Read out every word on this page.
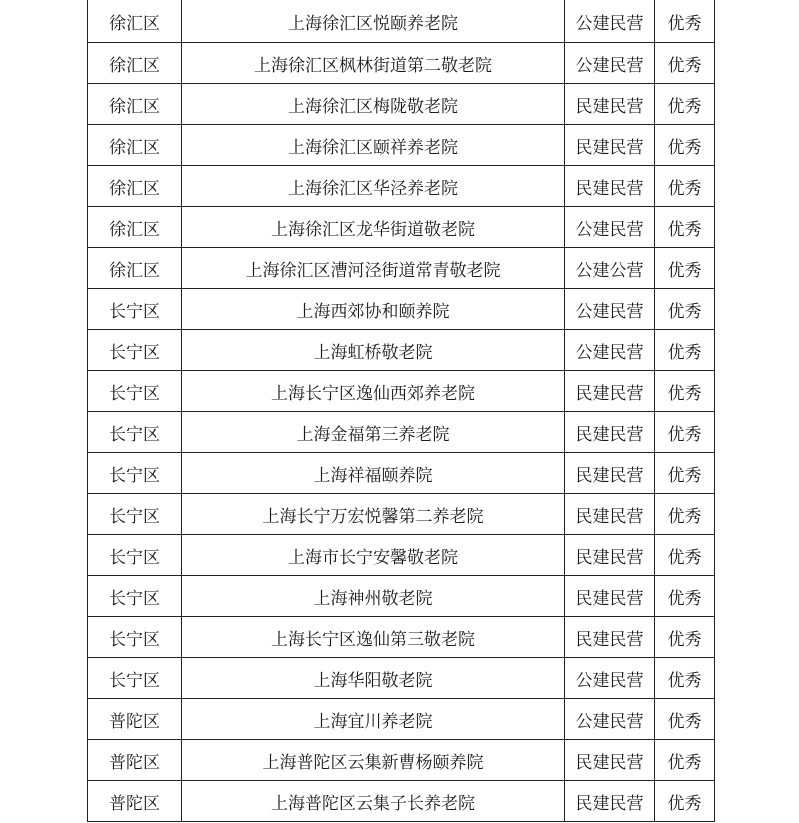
徐汇区	上海徐汇区悦颐养老院	公建民营	优秀
徐汇区	上海徐汇区枫林街道第二敬老院	公建民营	优秀
徐汇区	上海徐汇区梅陇敬老院	民建民营	优秀
徐汇区	上海徐汇区颐祥养老院	民建民营	优秀
徐汇区	上海徐汇区华泾养老院	民建民营	优秀
徐汇区	上海徐汇区龙华街道敬老院	公建民营	优秀
徐汇区	上海徐汇区漕河泾街道常青敬老院	公建公营	优秀
长宁区	上海西郊协和颐养院	公建民营	优秀
长宁区	上海虹桥敬老院	公建民营	优秀
长宁区	上海长宁区逸仙西郊养老院	民建民营	优秀
长宁区	上海金福第三养老院	民建民营	优秀
长宁区	上海祥福颐养院	民建民营	优秀
长宁区	上海长宁万宏悦馨第二养老院	民建民营	优秀
长宁区	上海市长宁安馨敬老院	民建民营	优秀
长宁区	上海神州敬老院	民建民营	优秀
长宁区	上海长宁区逸仙第三敬老院	民建民营	优秀
长宁区	上海华阳敬老院	公建民营	优秀
普陀区	上海宜川养老院	公建民营	优秀
普陀区	上海普陀区云集新曹杨颐养院	民建民营	优秀
普陀区	上海普陀区云集子长养老院	民建民营	优秀
